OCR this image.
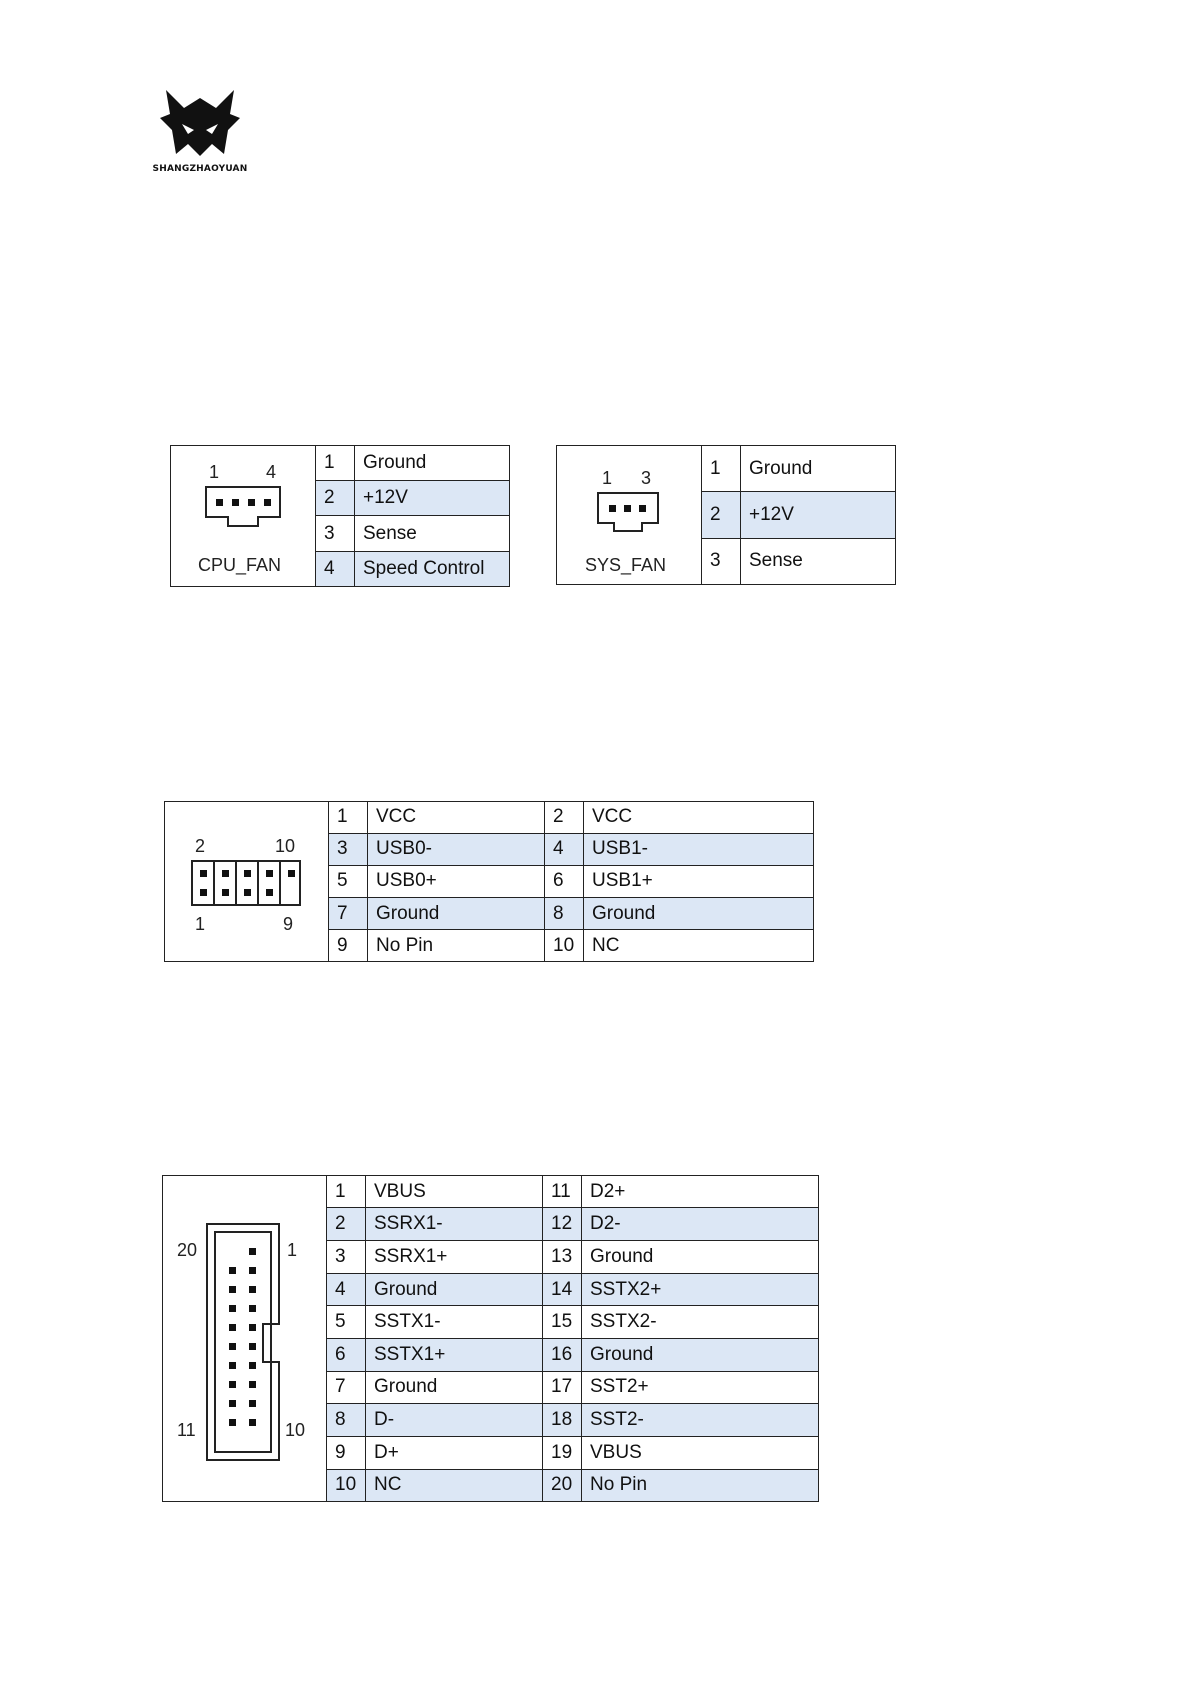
SHANGZHAOYUAN
1	4
CPU_FAN
1	Ground
2	+12V
3	Sense
4	Speed Control
1 3
SYS_FAN
1	Ground
2	+12V
3	Sense
2	10
1	9
1	VCC	2	VCC
3	USB0-	4	USB1-
5	USB0+	6	USB1+
7	Ground	8	Ground
9	No Pin	10	NC
20	1
11	10
1	VBUS	11	D2+
2	SSRX1-	12	D2-
3	SSRX1+	13	Ground
4	Ground	14	SSTX2+
5	SSTX1-	15	SSTX2-
6	SSTX1+	16	Ground
7	Ground	17	SST2+
8	D-	18	SST2-
9	D+	19	VBUS
10	NC	20	No Pin
